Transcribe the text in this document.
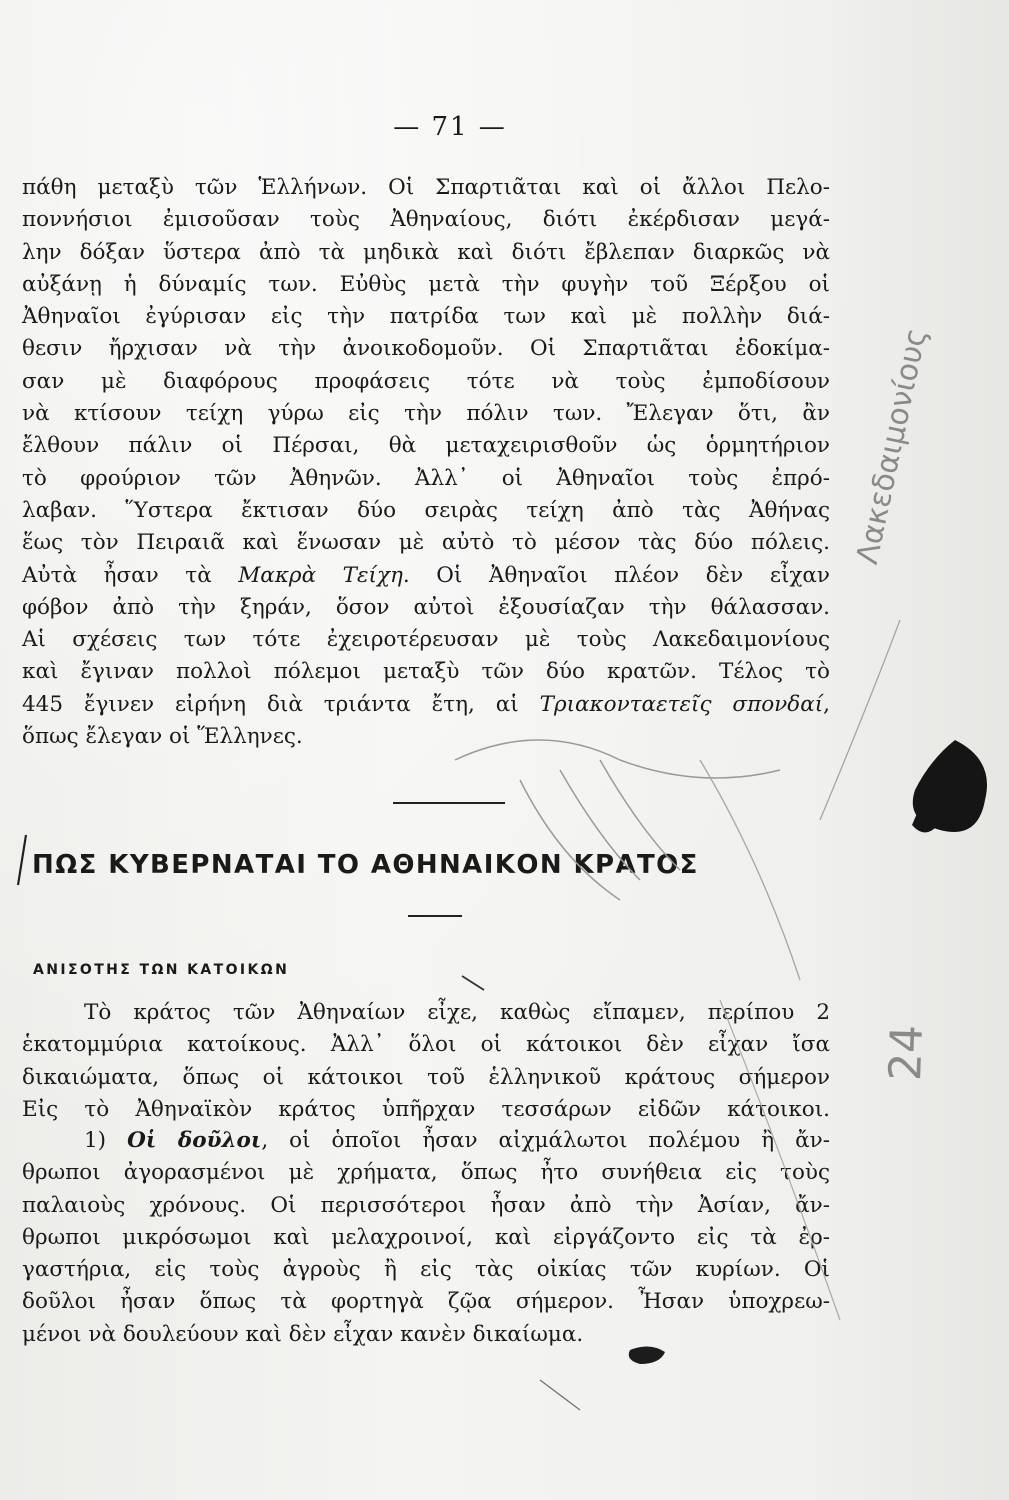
— 71 —
πάθη μεταξὺ τῶν Ἑλλήνων. Οἱ Σπαρτιᾶται καὶ οἱ ἄλλοι Πελο-
ποννήσιοι ἐμισοῦσαν τοὺς Ἀθηναίους, διότι ἐκέρδισαν μεγά-
λην δόξαν ὕστερα ἀπὸ τὰ μηδικὰ καὶ διότι ἔβλεπαν διαρκῶς νὰ
αὐξάνῃ ἡ δύναμίς των. Εὐθὺς μετὰ τὴν φυγὴν τοῦ Ξέρξου οἱ
Ἀθηναῖοι ἐγύρισαν εἰς τὴν πατρίδα των καὶ μὲ πολλὴν διά-
θεσιν ἤρχισαν νὰ τὴν ἀνοικοδομοῦν. Οἱ Σπαρτιᾶται ἐδοκίμα-
σαν μὲ διαφόρους προφάσεις τότε νὰ τοὺς ἐμποδίσουν
νὰ κτίσουν τείχη γύρω εἰς τὴν πόλιν των. Ἔλεγαν ὅτι, ἂν
ἔλθουν πάλιν οἱ Πέρσαι, θὰ μεταχειρισθοῦν ὡς ὁρμητήριον
τὸ φρούριον τῶν Ἀθηνῶν. Ἀλλ᾽ οἱ Ἀθηναῖοι τοὺς ἐπρό-
λαβαν. Ὕστερα ἔκτισαν δύο σειρὰς τείχη ἀπὸ τὰς Ἀθήνας
ἕως τὸν Πειραιᾶ καὶ ἕνωσαν μὲ αὐτὸ τὸ μέσον τὰς δύο πόλεις.
Αὐτὰ ἦσαν τὰ Μακρὰ Τείχη. Οἱ Ἀθηναῖοι πλέον δὲν εἶχαν
φόβον ἀπὸ τὴν ξηράν, ὅσον αὐτοὶ ἐξουσίαζαν τὴν θάλασσαν.
Αἱ σχέσεις των τότε ἐχειροτέρευσαν μὲ τοὺς Λακεδαιμονίους
καὶ ἔγιναν πολλοὶ πόλεμοι μεταξὺ τῶν δύο κρατῶν. Τέλος τὸ
445 ἔγινεν εἰρήνη διὰ τριάντα ἔτη, αἱ Τριακονταετεῖς σπονδαί,
ὅπως ἔλεγαν οἱ Ἕλληνες.
ΠΩΣ ΚΥΒΕΡΝΑΤΑΙ ΤΟ ΑΘΗΝΑΙΚΟΝ ΚΡΑΤΟΣ
ΑΝΙΣΟΤΗΣ ΤΩΝ ΚΑΤΟΙΚΩΝ
Τὸ κράτος τῶν Ἀθηναίων εἶχε, καθὼς εἴπαμεν, περίπου 2
ἑκατομμύρια κατοίκους. Ἀλλ᾽ ὅλοι οἱ κάτοικοι δὲν εἶχαν ἴσα
δικαιώματα, ὅπως οἱ κάτοικοι τοῦ ἑλληνικοῦ κράτους σήμερον
Εἰς τὸ Ἀθηναϊκὸν κράτος ὑπῆρχαν τεσσάρων εἰδῶν κάτοικοι.
1) Οἱ δοῦλοι, οἱ ὁποῖοι ἦσαν αἰχμάλωτοι πολέμου ἢ ἄν-
θρωποι ἀγορασμένοι μὲ χρήματα, ὅπως ἦτο συνήθεια εἰς τοὺς
παλαιοὺς χρόνους. Οἱ περισσότεροι ἦσαν ἀπὸ τὴν Ἀσίαν, ἄν-
θρωποι μικρόσωμοι καὶ μελαχροινοί, καὶ εἰργάζοντο εἰς τὰ ἐρ-
γαστήρια, εἰς τοὺς ἀγροὺς ἢ εἰς τὰς οἰκίας τῶν κυρίων. Οἱ
δοῦλοι ἦσαν ὅπως τὰ φορτηγὰ ζῷα σήμερον. Ἦσαν ὑποχρεω-
μένοι νὰ δουλεύουν καὶ δὲν εἶχαν κανὲν δικαίωμα.
Λακεδαιμονίους
24
